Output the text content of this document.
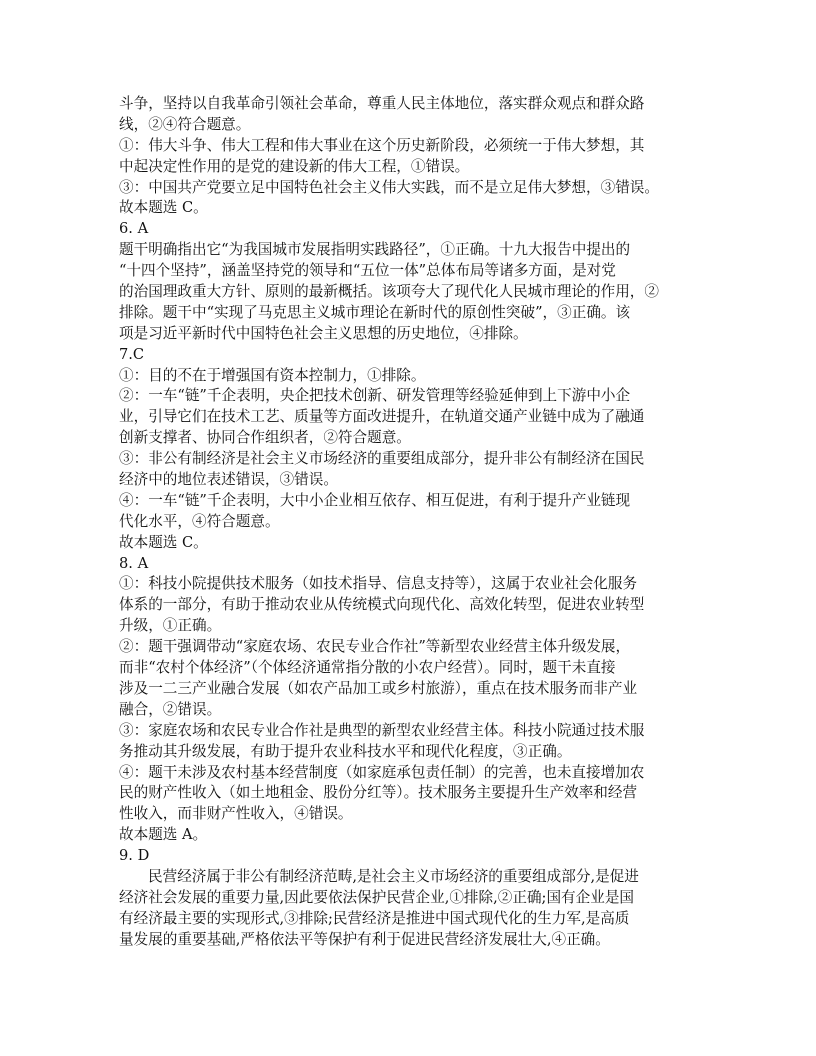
斗争，坚持以自我革命引领社会革命，尊重人民主体地位，落实群众观点和群众路
线，②④符合题意。
①：伟大斗争、伟大工程和伟大事业在这个历史新阶段，必须统一于伟大梦想，其
中起决定性作用的是党的建设新的伟大工程，①错误。
③：中国共产党要立足中国特色社会主义伟大实践，而不是立足伟大梦想，③错误。
故本题选 C。
6. A
题干明确指出它“为我国城市发展指明实践路径”，①正确。十九大报告中提出的
“十四个坚持”，涵盖坚持党的领导和“五位一体”总体布局等诸多方面，是对党
的治国理政重大方针、原则的最新概括。该项夸大了现代化人民城市理论的作用，②
排除。题干中“实现了马克思主义城市理论在新时代的原创性突破”，③正确。该
项是习近平新时代中国特色社会主义思想的历史地位，④排除。
7.C
①：目的不在于增强国有资本控制力，①排除。
②：一车“链”千企表明，央企把技术创新、研发管理等经验延伸到上下游中小企
业，引导它们在技术工艺、质量等方面改进提升，在轨道交通产业链中成为了融通
创新支撑者、协同合作组织者，②符合题意。
③：非公有制经济是社会主义市场经济的重要组成部分，提升非公有制经济在国民
经济中的地位表述错误，③错误。
④：一车“链”千企表明，大中小企业相互依存、相互促进，有利于提升产业链现
代化水平，④符合题意。
故本题选 C。
8. A
①：科技小院提供技术服务（如技术指导、信息支持等），这属于农业社会化服务
体系的一部分，有助于推动农业从传统模式向现代化、高效化转型，促进农业转型
升级，①正确。
②：题干强调带动“家庭农场、农民专业合作社”等新型农业经营主体升级发展，
而非“农村个体经济”（个体经济通常指分散的小农户经营）。同时，题干未直接
涉及一二三产业融合发展（如农产品加工或乡村旅游），重点在技术服务而非产业
融合，②错误。
③：家庭农场和农民专业合作社是典型的新型农业经营主体。科技小院通过技术服
务推动其升级发展，有助于提升农业科技水平和现代化程度，③正确。
④：题干未涉及农村基本经营制度（如家庭承包责任制）的完善，也未直接增加农
民的财产性收入（如土地租金、股份分红等）。技术服务主要提升生产效率和经营
性收入，而非财产性收入，④错误。
故本题选 A。
9. D
民营经济属于非公有制经济范畴,是社会主义市场经济的重要组成部分,是促进
经济社会发展的重要力量,因此要依法保护民营企业,①排除,②正确;国有企业是国
有经济最主要的实现形式,③排除;民营经济是推进中国式现代化的生力军,是高质
量发展的重要基础,严格依法平等保护有利于促进民营经济发展壮大,④正确。
